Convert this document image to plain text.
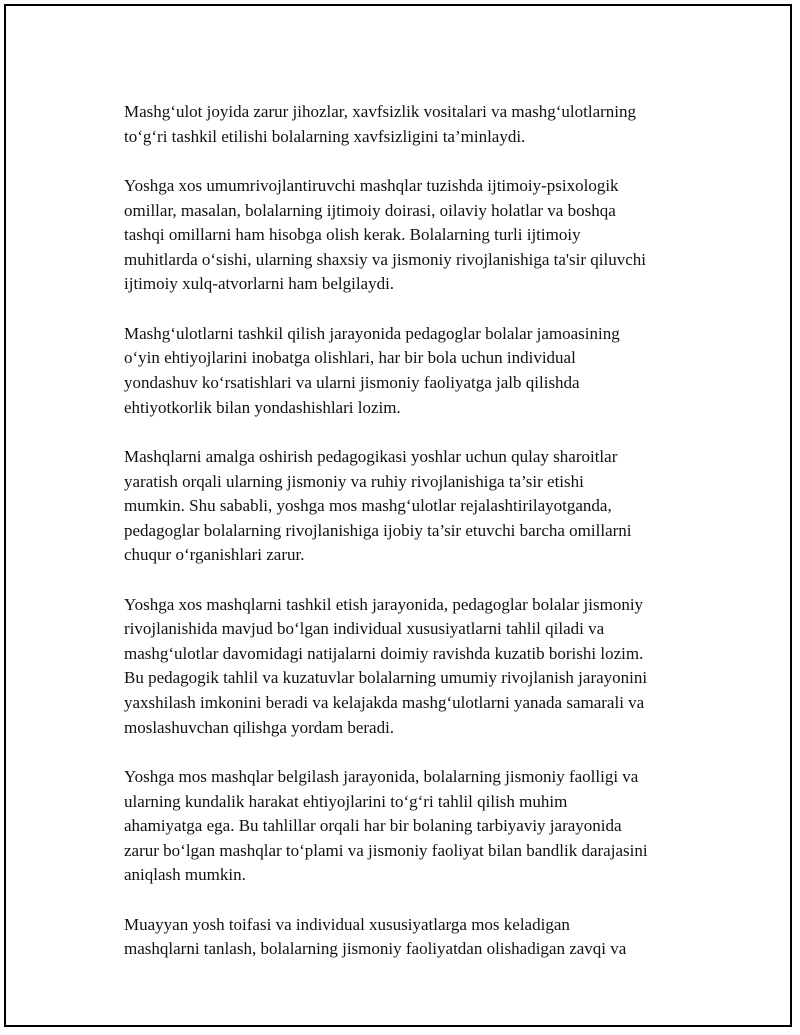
Mashg‘ulot joyida zarur jihozlar, xavfsizlik vositalari va mashg‘ulotlarning
to‘g‘ri tashkil etilishi bolalarning xavfsizligini ta’minlaydi.

Yoshga xos umumrivojlantiruvchi mashqlar tuzishda ijtimoiy-psixologik
omillar, masalan, bolalarning ijtimoiy doirasi, oilaviy holatlar va boshqa
tashqi omillarni ham hisobga olish kerak. Bolalarning turli ijtimoiy
muhitlarda o‘sishi, ularning shaxsiy va jismoniy rivojlanishiga ta'sir qiluvchi
ijtimoiy xulq-atvorlarni ham belgilaydi.

Mashg‘ulotlarni tashkil qilish jarayonida pedagoglar bolalar jamoasining
o‘yin ehtiyojlarini inobatga olishlari, har bir bola uchun individual
yondashuv ko‘rsatishlari va ularni jismoniy faoliyatga jalb qilishda
ehtiyotkorlik bilan yondashishlari lozim.

Mashqlarni amalga oshirish pedagogikasi yoshlar uchun qulay sharoitlar
yaratish orqali ularning jismoniy va ruhiy rivojlanishiga ta’sir etishi
mumkin. Shu sababli, yoshga mos mashg‘ulotlar rejalashtirilayotganda,
pedagoglar bolalarning rivojlanishiga ijobiy ta’sir etuvchi barcha omillarni
chuqur o‘rganishlari zarur.

Yoshga xos mashqlarni tashkil etish jarayonida, pedagoglar bolalar jismoniy
rivojlanishida mavjud bo‘lgan individual xususiyatlarni tahlil qiladi va
mashg‘ulotlar davomidagi natijalarni doimiy ravishda kuzatib borishi lozim.
Bu pedagogik tahlil va kuzatuvlar bolalarning umumiy rivojlanish jarayonini
yaxshilash imkonini beradi va kelajakda mashg‘ulotlarni yanada samarali va
moslashuvchan qilishga yordam beradi.

Yoshga mos mashqlar belgilash jarayonida, bolalarning jismoniy faolligi va
ularning kundalik harakat ehtiyojlarini to‘g‘ri tahlil qilish muhim
ahamiyatga ega. Bu tahlillar orqali har bir bolaning tarbiyaviy jarayonida
zarur bo‘lgan mashqlar to‘plami va jismoniy faoliyat bilan bandlik darajasini
aniqlash mumkin.

Muayyan yosh toifasi va individual xususiyatlarga mos keladigan
mashqlarni tanlash, bolalarning jismoniy faoliyatdan olishadigan zavqi va
